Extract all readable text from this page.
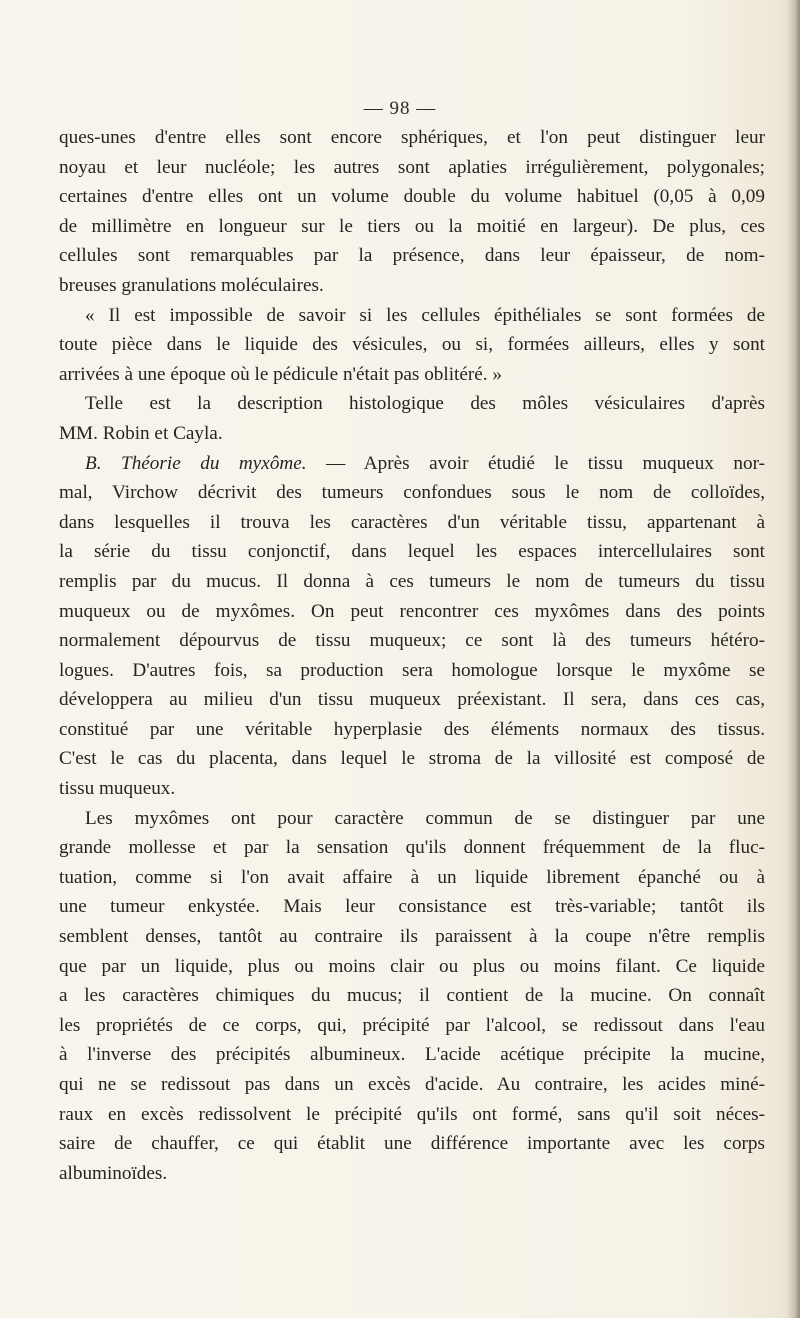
— 98 —
ques-unes d'entre elles sont encore sphériques, et l'on peut distinguer leur
noyau et leur nucléole; les autres sont aplaties irrégulièrement, polygonales;
certaines d'entre elles ont un volume double du volume habituel (0,05 à 0,09
de millimètre en longueur sur le tiers ou la moitié en largeur). De plus, ces
cellules sont remarquables par la présence, dans leur épaisseur, de nom-
breuses granulations moléculaires.
« Il est impossible de savoir si les cellules épithéliales se sont formées de
toute pièce dans le liquide des vésicules, ou si, formées ailleurs, elles y sont
arrivées à une époque où le pédicule n'était pas oblitéré. »
Telle est la description histologique des môles vésiculaires d'après
MM. Robin et Cayla.
B. Théorie du myxôme. — Après avoir étudié le tissu muqueux nor-
mal, Virchow décrivit des tumeurs confondues sous le nom de colloïdes,
dans lesquelles il trouva les caractères d'un véritable tissu, appartenant à
la série du tissu conjonctif, dans lequel les espaces intercellulaires sont
remplis par du mucus. Il donna à ces tumeurs le nom de tumeurs du tissu
muqueux ou de myxômes. On peut rencontrer ces myxômes dans des points
normalement dépourvus de tissu muqueux; ce sont là des tumeurs hétéro-
logues. D'autres fois, sa production sera homologue lorsque le myxôme se
développera au milieu d'un tissu muqueux préexistant. Il sera, dans ces cas,
constitué par une véritable hyperplasie des éléments normaux des tissus.
C'est le cas du placenta, dans lequel le stroma de la villosité est composé de
tissu muqueux.
Les myxômes ont pour caractère commun de se distinguer par une
grande mollesse et par la sensation qu'ils donnent fréquemment de la fluc-
tuation, comme si l'on avait affaire à un liquide librement épanché ou à
une tumeur enkystée. Mais leur consistance est très-variable; tantôt ils
semblent denses, tantôt au contraire ils paraissent à la coupe n'être remplis
que par un liquide, plus ou moins clair ou plus ou moins filant. Ce liquide
a les caractères chimiques du mucus; il contient de la mucine. On connaît
les propriétés de ce corps, qui, précipité par l'alcool, se redissout dans l'eau
à l'inverse des précipités albumineux. L'acide acétique précipite la mucine,
qui ne se redissout pas dans un excès d'acide. Au contraire, les acides miné-
raux en excès redissolvent le précipité qu'ils ont formé, sans qu'il soit néces-
saire de chauffer, ce qui établit une différence importante avec les corps
albuminoïdes.
